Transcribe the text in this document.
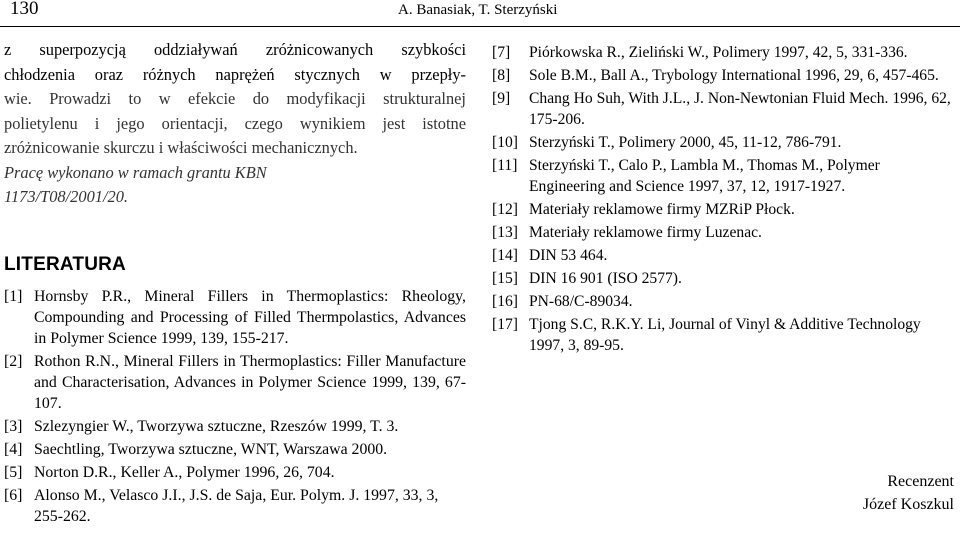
130	A. Banasiak, T. Sterzyński
z superpozycją oddziaływań zróżnicowanych szybkości
chłodzenia oraz różnych naprężeń stycznych w przepły-
wie. Prowadzi to w efekcie do modyfikacji strukturalnej
polietylenu i jego orientacji, czego wynikiem jest istotne
zróżnicowanie skurczu i właściwości mechanicznych.
Pracę wykonano w ramach grantu KBN
1173/T08/2001/20.
LITERATURA
[1] Hornsby P.R., Mineral Fillers in Thermoplastics: Rheology, Compounding and Processing of Filled Thermpolastics, Advances in Polymer Science 1999, 139, 155-217.
[2] Rothon R.N., Mineral Fillers in Thermoplastics: Filler Manufacture and Characterisation, Advances in Polymer Science 1999, 139, 67-107.
[3] Szlezyngier W., Tworzywa sztuczne, Rzeszów 1999, T. 3.
[4] Saechtling, Tworzywa sztuczne, WNT, Warszawa 2000.
[5] Norton D.R., Keller A., Polymer 1996, 26, 704.
[6] Alonso M., Velasco J.I., J.S. de Saja, Eur. Polym. J. 1997, 33, 3, 255-262.
[7] Piórkowska R., Zieliński W., Polimery 1997, 42, 5, 331-336.
[8] Sole B.M., Ball A., Trybology International 1996, 29, 6, 457-465.
[9] Chang Ho Suh, With J.L., J. Non-Newtonian Fluid Mech. 1996, 62, 175-206.
[10] Sterzyński T., Polimery 2000, 45, 11-12, 786-791.
[11] Sterzyński T., Calo P., Lambla M., Thomas M., Polymer Engineering and Science 1997, 37, 12, 1917-1927.
[12] Materiały reklamowe firmy MZRiP Płock.
[13] Materiały reklamowe firmy Luzenac.
[14] DIN 53 464.
[15] DIN 16 901 (ISO 2577).
[16] PN-68/C-89034.
[17] Tjong S.C, R.K.Y. Li, Journal of Vinyl & Additive Technology 1997, 3, 89-95.
Recenzent
Józef Koszkul
